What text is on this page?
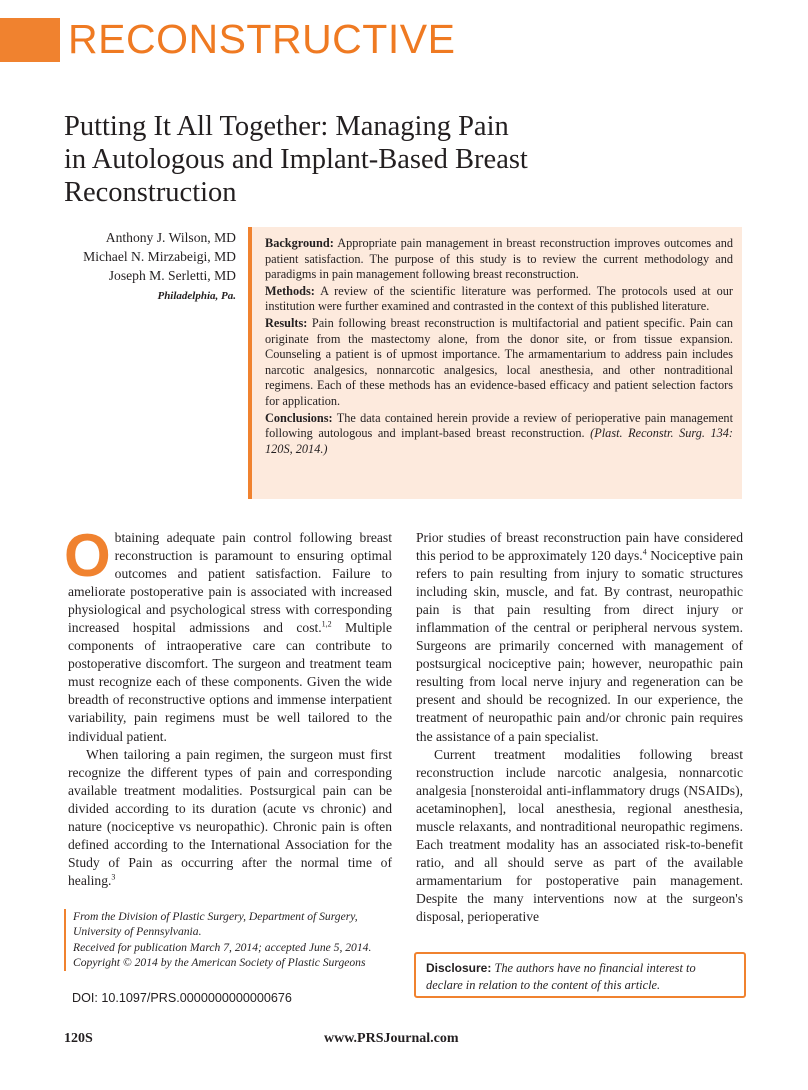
RECONSTRUCTIVE
Putting It All Together: Managing Pain
in Autologous and Implant-Based Breast
Reconstruction
Anthony J. Wilson, MD
Michael N. Mirzabeigi, MD
Joseph M. Serletti, MD
Philadelphia, Pa.

Background: Appropriate pain management in breast reconstruction improves outcomes and patient satisfaction. The purpose of this study is to review the current methodology and paradigms in pain management following breast reconstruction.

Methods: A review of the scientific literature was performed. The protocols used at our institution were further examined and contrasted in the context of this published literature.

Results: Pain following breast reconstruction is multifactorial and patient specific. Pain can originate from the mastectomy alone, from the donor site, or from tissue expansion. Counseling a patient is of upmost importance. The armamentarium to address pain includes narcotic analgesics, nonnarcotic analgesics, local anesthesia, and other nontraditional regimens. Each of these methods has an evidence-based efficacy and patient selection factors for application.

Conclusions: The data contained herein provide a review of perioperative pain management following autologous and implant-based breast reconstruction. (Plast. Reconstr. Surg. 134: 120S, 2014.)

Obtaining adequate pain control following breast reconstruction is paramount to ensuring optimal outcomes and patient satisfaction. Failure to ameliorate postoperative pain is associated with increased physiological and psychological stress with corresponding increased hospital admissions and cost.$^{1,2}$ Multiple components of intraoperative care can contribute to postoperative discomfort. The surgeon and treatment team must recognize each of these components. Given the wide breadth of reconstructive options and immense interpatient variability, pain regimens must be well tailored to the individual patient.

When tailoring a pain regimen, the surgeon must first recognize the different types of pain and corresponding available treatment modalities. Postsurgical pain can be divided according to its duration (acute vs chronic) and nature (nociceptive vs neuropathic). Chronic pain is often defined according to the International Association for the Study of Pain as occurring after the normal time of healing.$^3$

Prior studies of breast reconstruction pain have considered this period to be approximately 120 days.$^4$ Nociceptive pain refers to pain resulting from injury to somatic structures including skin, muscle, and fat. By contrast, neuropathic pain is that pain resulting from direct injury or inflammation of the central or peripheral nervous system. Surgeons are primarily concerned with management of postsurgical nociceptive pain; however, neuropathic pain resulting from local nerve injury and regeneration can be present and should be recognized. In our experience, the treatment of neuropathic pain and/or chronic pain requires the assistance of a pain specialist.

Current treatment modalities following breast reconstruction include narcotic analgesia, nonnarcotic analgesia [nonsteroidal anti-inflammatory drugs (NSAIDs), acetaminophen], local anesthesia, regional anesthesia, muscle relaxants, and nontraditional neuropathic regimens. Each treatment modality has an associated risk-to-benefit ratio, and all should serve as part of the available armamentarium for postoperative pain management. Despite the many interventions now at the surgeon's disposal, perioperative

From the Division of Plastic Surgery, Department of Surgery, University of Pennsylvania.
Received for publication March 7, 2014; accepted June 5, 2014.
Copyright © 2014 by the American Society of Plastic Surgeons
DOI: 10.1097/PRS.0000000000000676
Disclosure: The authors have no financial interest to declare in relation to the content of this article.
120S	www.PRSJournal.com
